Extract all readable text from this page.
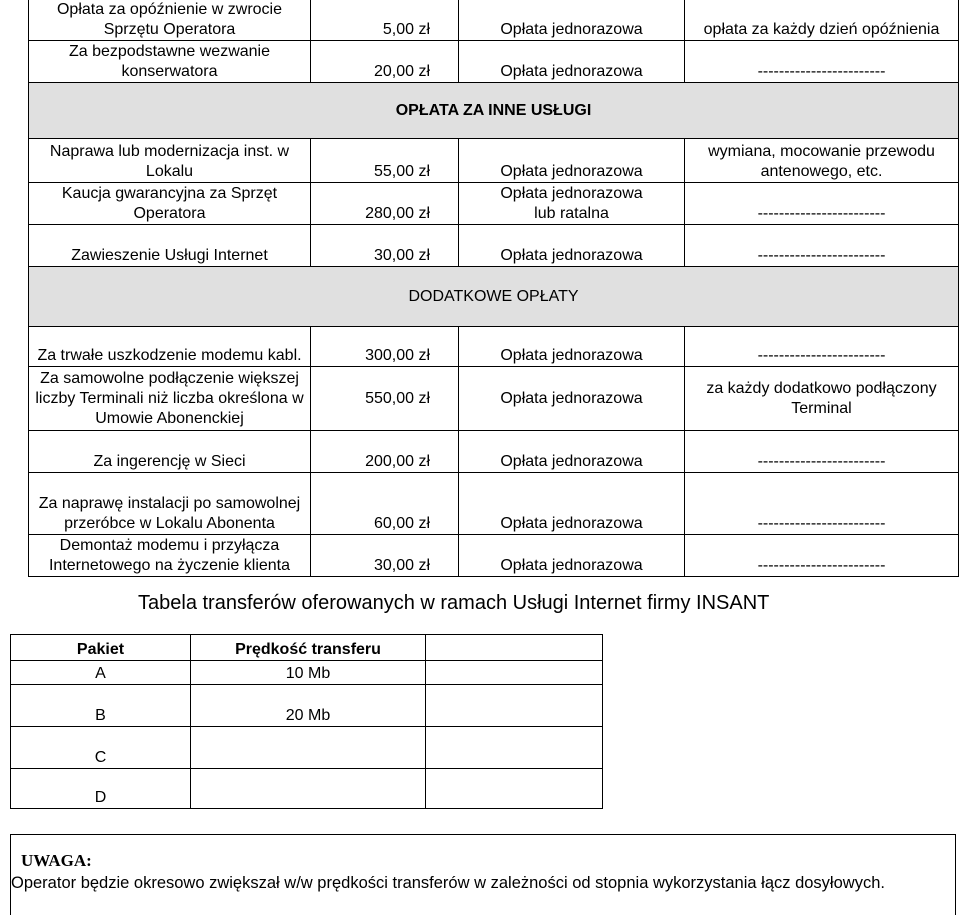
Opłata za opóźnienie w zwrocie Sprzętu Operatora	5,00 zł	Opłata jednorazowa	opłata za każdy dzień opóźnienia
Za bezpodstawne wezwanie konserwatora	20,00 zł	Opłata jednorazowa	------------------------
OPŁATA ZA INNE USŁUGI			
Naprawa lub modernizacja inst. w Lokalu	55,00 zł	Opłata jednorazowa	wymiana, mocowanie przewodu antenowego, etc.
Kaucja gwarancyjna za Sprzęt Operatora	280,00 zł	Opłata jednorazowa lub ratalna	------------------------
Zawieszenie Usługi Internet	30,00 zł	Opłata jednorazowa	------------------------
DODATKOWE OPŁATY			
Za trwałe uszkodzenie modemu kabl.	300,00 zł	Opłata jednorazowa	------------------------
Za samowolne podłączenie większej liczby Terminali niż liczba określona w Umowie Abonenckiej	550,00 zł	Opłata jednorazowa	za każdy dodatkowo podłączony Terminal
Za ingerencję w Sieci	200,00 zł	Opłata jednorazowa	------------------------
Za naprawę instalacji po samowolnej przeróbce w Lokalu Abonenta	60,00 zł	Opłata jednorazowa	------------------------
Demontaż modemu i przyłącza Internetowego na życzenie klienta	30,00 zł	Opłata jednorazowa	------------------------
Tabela transferów oferowanych w ramach Usługi Internet firmy INSANT
Pakiet	Prędkość transferu	
A	10 Mb	
B	20 Mb	
C		
D		
UWAGA:
Operator będzie okresowo zwiększał w/w prędkości transferów w zależności od stopnia wykorzystania łącz dosyłowych.
